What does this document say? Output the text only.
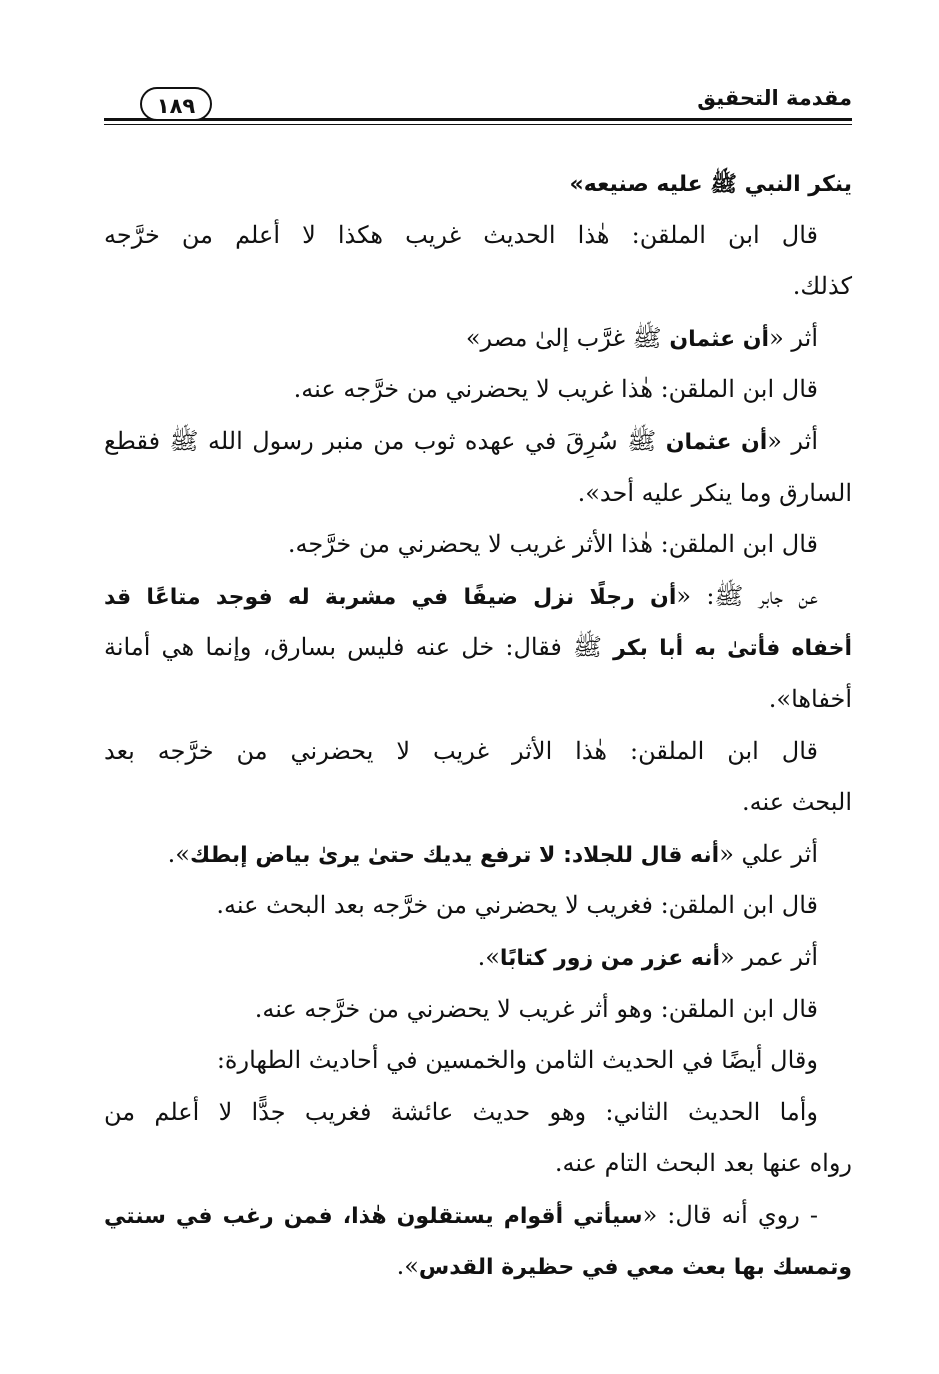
مقدمة التحقيق
١٨٩
ينكر النبي ﷺ عليه صنيعه»
قال ابن الملقن: هٰذا الحديث غريب هكذا لا أعلم من خرَّجه
كذلك.
أثر «أن عثمان ﷺ غرَّب إلىٰ مصر»
قال ابن الملقن: هٰذا غريب لا يحضرني من خرَّجه عنه.
أثر «أن عثمان ﷺ سُرِقَ في عهده ثوب من منبر رسول الله ﷺ فقطع
السارق وما ينكر عليه أحد».
قال ابن الملقن: هٰذا الأثر غريب لا يحضرني من خرَّجه.
عن جابر ﷺ: «أن رجلًا نزل ضيفًا في مشربة له فوجد متاعًا قد
أخفاه فأتىٰ به أبا بكر ﷺ فقال: خل عنه فليس بسارق، وإنما هي أمانة
أخفاها».
قال ابن الملقن: هٰذا الأثر غريب لا يحضرني من خرَّجه بعد
البحث عنه.
أثر علي «أنه قال للجلاد: لا ترفع يديك حتىٰ يرىٰ بياض إبطك».
قال ابن الملقن: فغريب لا يحضرني من خرَّجه بعد البحث عنه.
أثر عمر «أنه عزر من زور كتابًا».
قال ابن الملقن: وهو أثر غريب لا يحضرني من خرَّجه عنه.
وقال أيضًا في الحديث الثامن والخمسين في أحاديث الطهارة:
وأما الحديث الثاني: وهو حديث عائشة فغريب جدًّا لا أعلم من
رواه عنها بعد البحث التام عنه.
- روي أنه قال: «سيأتي أقوام يستقلون هٰذا، فمن رغب في سنتي
وتمسك بها بعث معي في حظيرة القدس».
